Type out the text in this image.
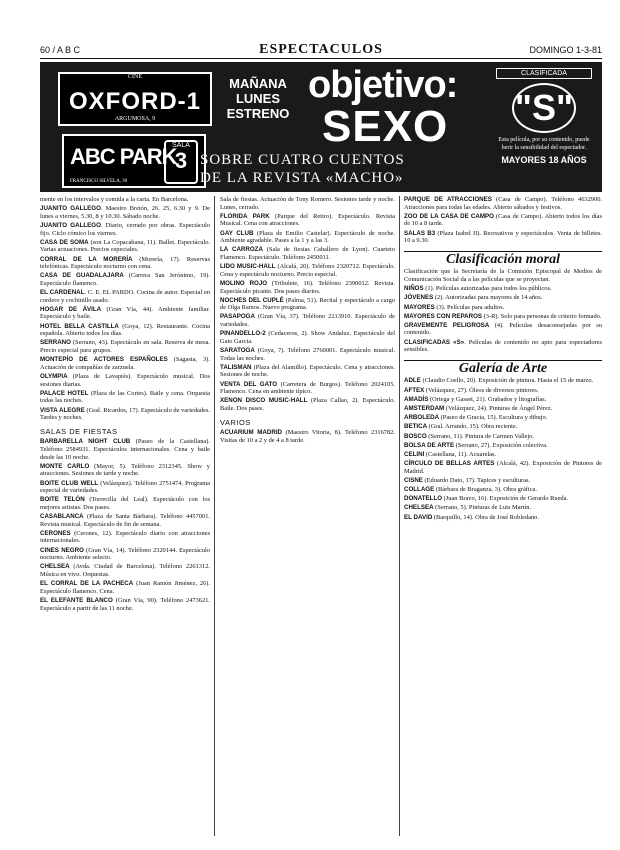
60 / A B C	ESPECTACULOS	DOMINGO 1-3-81
CINE
OXFORD-1
ARGUMOSA, 9
ABC PARK
SALA
3
FRANCISCO SILVELA, 30
MAÑANA LUNES ESTRENO
objetivo:
SEXO
SOBRE CUATRO CUENTOS
DE LA REVISTA «MACHO»
CLASIFICADA
"S"
Esta película, por su contenido, puede herir la sensibilidad del espectador.
MAYORES 18 AÑOS

mente en los intervalos y comida a la carta. En Barcelona.

JUANITO GALLEGO. Maestro Bretón, 26. 25, 6.30 y 9. De lunes a viernes, 5.30, 8 y 10.30. Sábado noche.

JUANITO GALLEGO. Diario, cerrado por obras. Espectáculo fijo. Ciclo cómico los viernes.

CASA DE SOMA (son La Copacabana, 11). Ballet. Espectáculo. Varias actuaciones. Precios especiales.

CORRAL DE LA MORERÍA (Morería, 17). Reservas telefónicas. Espectáculo nocturno con cena.

CASA DE GUADALAJARA (Carrera San Jerónimo, 19). Espectáculo flamenco.

EL CARDENAL. C. E. EL PARDO. Cocina de autor. Especial en cordero y cochinillo asado.

HOGAR DE ÁVILA (Gran Vía, 44). Ambiente familiar. Espectáculo y baile.

HOTEL BELLA CASTILLA (Goya, 12). Restaurante. Cocina española. Abierto todos los días.

SERRANO (Serrano, 43). Espectáculo en sala. Reserva de mesa. Precio especial para grupos.

MONTEPÍO DE ACTORES ESPAÑOLES (Sagasta, 3). Actuación de compañías de zarzuela.

OLYMPIA (Plaza de Lavapiés). Espectáculo musical. Dos sesiones diarias.

PALACE HOTEL (Plaza de las Cortes). Baile y cena. Orquesta todas las noches.

VISTA ALEGRE (Gral. Ricardos, 17). Espectáculo de variedades. Tardes y noches.

SALAS DE FIESTAS

BARBARELLA NIGHT CLUB (Paseo de la Castellana). Teléfono 2584931. Espectáculos internacionales. Cena y baile desde las 10 noche.

MONTE CARLO (Mayor, 5). Teléfono 2312345. Show y atracciones. Sesiones de tarde y noche.

BOITE CLUB WELL (Velázquez). Teléfono 2751474. Programa especial de variedades.

BOITE TELÓN (Torrecilla del Leal). Espectáculo con los mejores artistas. Dos pases.

CASABLANCA (Plaza de Santa Bárbara). Teléfono 4457001. Revista musical. Espectáculo de fin de semana.

CERONES (Cerones, 12). Espectáculo diario con atracciones internacionales.

CINES NEGRO (Gran Vía, 14). Teléfono 2320144. Espectáculo nocturno. Ambiente selecto.

CHELSEA (Avda. Ciudad de Barcelona). Teléfono 2261312. Música en vivo. Orquestas.

EL CORRAL DE LA PACHECA (Juan Ramón Jiménez, 26). Espectáculo flamenco. Cena.

EL ELEFANTE BLANCO (Gran Vía, 90). Teléfono 2473621. Espectáculo a partir de las 11 noche.

Sala de fiestas. Actuación de Tony Romero. Sesiones tarde y noche. Lunes, cerrado.

FLORIDA PARK (Parque del Retiro). Espectáculo. Revista Musical. Cena con atracciones.

GAY CLUB (Plaza de Emilio Castelar). Espectáculo de noche. Ambiente agradable. Pases a la 1 y a las 3.

LA CARROZA (Sala de fiestas Caballero de Lyon). Cuarteto Flamenco. Espectáculo. Teléfono 2450011.

LIDO MUSIC-HALL (Alcalá, 20). Teléfono 2320712. Espectáculo. Cena y espectáculo nocturno. Precio especial.

MOLINO ROJO (Tribulete, 16). Teléfono 2390012. Revista. Espectáculo picante. Dos pases diarios.

NOCHES DEL CUPLÉ (Palma, 51). Recital y espectáculo a cargo de Olga Ramos. Nuevo programa.

PASAPOGA (Gran Vía, 37). Teléfono 2213910. Espectáculo de variedades.

PINANDELLO-2 (Cedaceros, 2). Show Andaluz. Espectáculo del Gato Garcia.

SARATOGA (Goya, 7). Teléfono 2760001. Espectáculo musical. Todas las noches.

TALISMAN (Plaza del Alamillo). Espectáculo. Cena y atracciones. Sesiones de noche.

VENTA DEL GATO (Carretera de Burgos). Teléfono 2024105. Flamenco. Cena en ambiente típico.

XENON DISCO MUSIC-HALL (Plaza Callao, 2). Espectáculo. Baile. Dos pases.

VARIOS

ACUARIUM MADRID (Maestro Vitoria, 8). Teléfono 2316782. Visitas de 10 a 2 y de 4 a 8 tarde.

PARQUE DE ATRACCIONES (Casa de Campo). Teléfono 4632900. Atracciones para todas las edades. Abierto sábados y festivos.

ZOO DE LA CASA DE CAMPO (Casa de Campo). Abierto todos los días de 10 a 8 tarde.

SALAS B3 (Plaza Isabel II). Recreativos y espectáculos. Venta de billetes. 10 a 9.30.

Clasificación moral

Clasificación que la Secretaría de la Comisión Episcopal de Medios de Comunicación Social da a las películas que se proyectan.

NIÑOS (1). Películas autorizadas para todos los públicos.

JÓVENES (2). Autorizadas para mayores de 14 años.

MAYORES (3). Películas para adultos.

MAYORES CON REPAROS (3-R). Solo para personas de criterio formado.

GRAVEMENTE PELIGROSA (4). Películas desaconsejadas por su contenido.

CLASIFICADAS «S». Películas de contenido no apto para espectadores sensibles.

Galería de Arte

ADLE (Claudio Coello, 20). Exposición de pintura. Hasta el 15 de marzo.

AFTEX (Velázquez, 27). Óleos de diversos pintores.

AMADÍS (Ortega y Gasset, 21). Grabados y litografías.

AMSTERDAM (Velázquez, 24). Pinturas de Ángel Pérez.

ARBOLEDA (Paseo de Gracia, 15). Escultura y dibujo.

BETICA (Gral. Arrando, 15). Obra reciente.

BOSCO (Serrano, 11). Pintura de Carmen Vallejo.

BOLSA DE ARTE (Serrano, 27). Exposición colectiva.

CELINI (Castellana, 11). Acuarelas.

CÍRCULO DE BELLAS ARTES (Alcalá, 42). Exposición de Pintores de Madrid.

CISNE (Eduardo Dato, 17). Tapices y esculturas.

COLLAGE (Bárbara de Braganza, 3). Obra gráfica.

DONATELLO (Juan Bravo, 16). Exposición de Gerardo Rueda.

CHELSEA (Serrano, 5). Pinturas de Luis Martín.

EL DAVID (Barquillo, 14). Obra de José Robledano.
